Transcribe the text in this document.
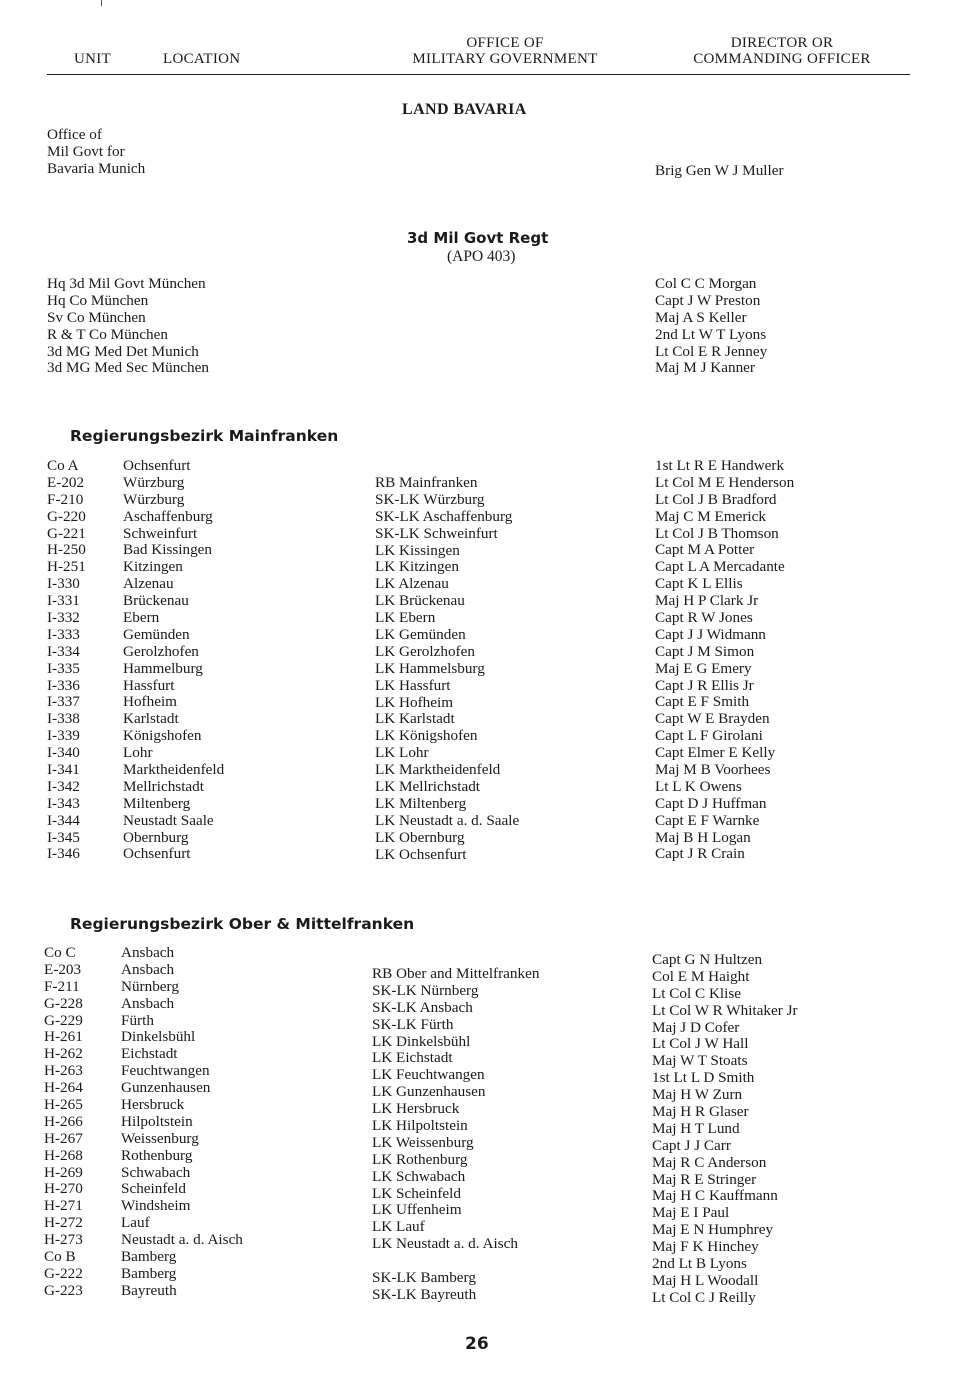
UNIT	LOCATION
OFFICE OF
MILITARY GOVERNMENT
DIRECTOR OR
COMMANDING OFFICER
LAND BAVARIA
Office of
Mil Govt for
Bavaria Munich	Brig Gen W J Muller
3d Mil Govt Regt
(APO 403)
Hq 3d Mil Govt München
Hq Co München
Sv Co München
R & T Co München
3d MG Med Det Munich
3d MG Med Sec München
Col C C Morgan
Capt J W Preston
Maj A S Keller
2nd Lt W T Lyons
Lt Col E R Jenney
Maj M J Kanner
Regierungsbezirk Mainfranken
Co A
E-202
F-210
G-220
G-221
H-250
H-251
I-330
I-331
I-332
I-333
I-334
I-335
I-336
I-337
I-338
I-339
I-340
I-341
I-342
I-343
I-344
I-345
I-346
Ochsenfurt
Würzburg
Würzburg
Aschaffenburg
Schweinfurt
Bad Kissingen
Kitzingen
Alzenau
Brückenau
Ebern
Gemünden
Gerolzhofen
Hammelburg
Hassfurt
Hofheim
Karlstadt
Königshofen
Lohr
Marktheidenfeld
Mellrichstadt
Miltenberg
Neustadt Saale
Obernburg
Ochsenfurt
RB Mainfranken
SK-LK Würzburg
SK-LK Aschaffenburg
SK-LK Schweinfurt
LK Kissingen
LK Kitzingen
LK Alzenau
LK Brückenau
LK Ebern
LK Gemünden
LK Gerolzhofen
LK Hammelsburg
LK Hassfurt
LK Hofheim
LK Karlstadt
LK Königshofen
LK Lohr
LK Marktheidenfeld
LK Mellrichstadt
LK Miltenberg
LK Neustadt a. d. Saale
LK Obernburg
LK Ochsenfurt
1st Lt R E Handwerk
Lt Col M E Henderson
Lt Col J B Bradford
Maj C M Emerick
Lt Col J B Thomson
Capt M A Potter
Capt L A Mercadante
Capt K L Ellis
Maj H P Clark Jr
Capt R W Jones
Capt J J Widmann
Capt J M Simon
Maj E G Emery
Capt J R Ellis Jr
Capt E F Smith
Capt W E Brayden
Capt L F Girolani
Capt Elmer E Kelly
Maj M B Voorhees
Lt L K Owens
Capt D J Huffman
Capt E F Warnke
Maj B H Logan
Capt J R Crain
Regierungsbezirk Ober & Mittelfranken
Co C
E-203
F-211
G-228
G-229
H-261
H-262
H-263
H-264
H-265
H-266
H-267
H-268
H-269
H-270
H-271
H-272
H-273
Co B
G-222
G-223
Ansbach
Ansbach
Nürnberg
Ansbach
Fürth
Dinkelsbühl
Eichstadt
Feuchtwangen
Gunzenhausen
Hersbruck
Hilpoltstein
Weissenburg
Rothenburg
Schwabach
Scheinfeld
Windsheim
Lauf
Neustadt a. d. Aisch
Bamberg
Bamberg
Bayreuth
RB Ober and Mittelfranken
SK-LK Nürnberg
SK-LK Ansbach
SK-LK Fürth
LK Dinkelsbühl
LK Eichstadt
LK Feuchtwangen
LK Gunzenhausen
LK Hersbruck
LK Hilpoltstein
LK Weissenburg
LK Rothenburg
LK Schwabach
LK Scheinfeld
LK Uffenheim
LK Lauf
LK Neustadt a. d. Aisch
SK-LK Bamberg
SK-LK Bayreuth
Capt G N Hultzen
Col E M Haight
Lt Col C Klise
Lt Col W R Whitaker Jr
Maj J D Cofer
Lt Col J W Hall
Maj W T Stoats
1st Lt L D Smith
Maj H W Zurn
Maj H R Glaser
Maj H T Lund
Capt J J Carr
Maj R C Anderson
Maj R E Stringer
Maj H C Kauffmann
Maj E I Paul
Maj E N Humphrey
Maj F K Hinchey
2nd Lt B Lyons
Maj H L Woodall
Lt Col C J Reilly
26
